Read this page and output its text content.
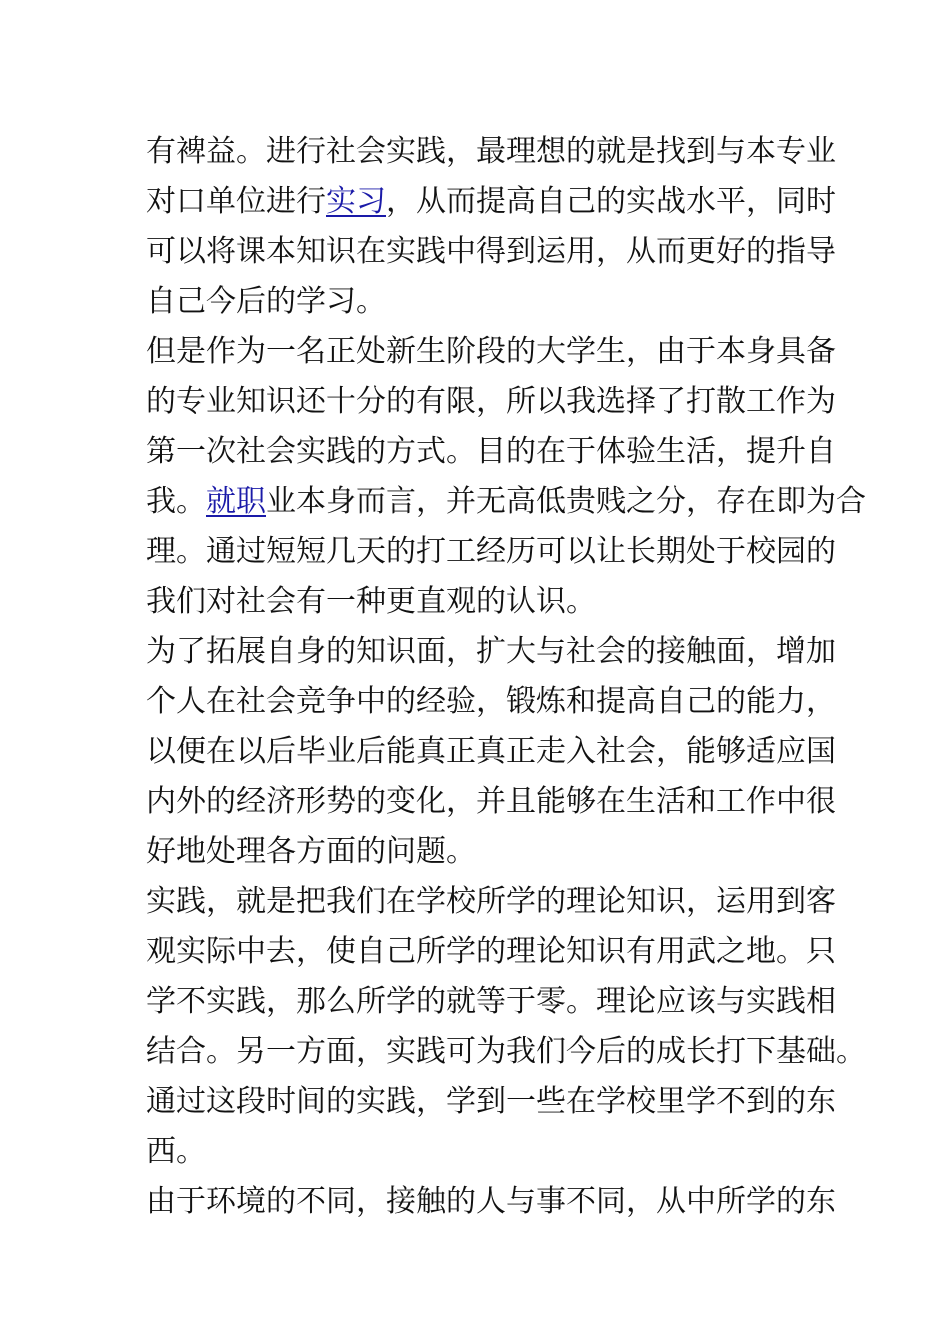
有裨益。进行社会实践，最理想的就是找到与本专业
对口单位进行实习，从而提高自己的实战水平，同时
可以将课本知识在实践中得到运用，从而更好的指导
自己今后的学习。
但是作为一名正处新生阶段的大学生，由于本身具备
的专业知识还十分的有限，所以我选择了打散工作为
第一次社会实践的方式。目的在于体验生活，提升自
我。就职业本身而言，并无高低贵贱之分，存在即为合
理。通过短短几天的打工经历可以让长期处于校园的
我们对社会有一种更直观的认识。
为了拓展自身的知识面，扩大与社会的接触面，增加
个人在社会竞争中的经验，锻炼和提高自己的能力，
以便在以后毕业后能真正真正走入社会，能够适应国
内外的经济形势的变化，并且能够在生活和工作中很
好地处理各方面的问题。
实践，就是把我们在学校所学的理论知识，运用到客
观实际中去，使自己所学的理论知识有用武之地。只
学不实践，那么所学的就等于零。理论应该与实践相
结合。另一方面，实践可为我们今后的成长打下基础。
通过这段时间的实践，学到一些在学校里学不到的东
西。
由于环境的不同，接触的人与事不同，从中所学的东
